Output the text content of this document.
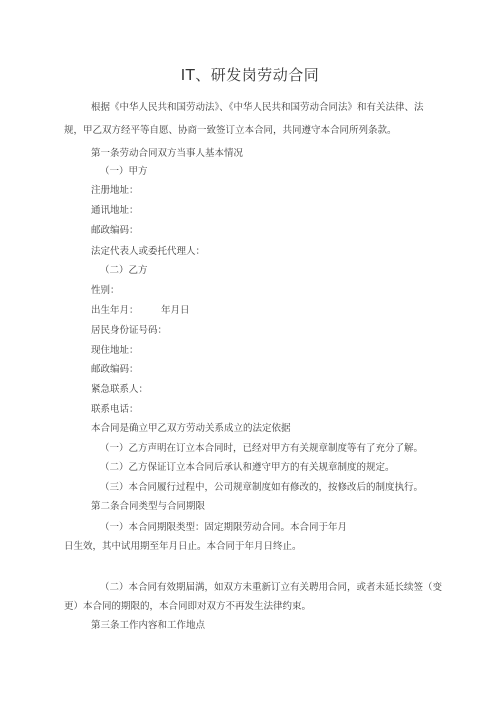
IT、研发岗劳动合同
根据《中华人民共和国劳动法》、《中华人民共和国劳动合同法》和有关法律、法
规，甲乙双方经平等自愿、协商一致签订立本合同，共同遵守本合同所列条款。
第一条劳动合同双方当事人基本情况
（一）甲方
注册地址：
通讯地址：
邮政编码：
法定代表人或委托代理人：
（二）乙方
性别：
出生年月： 年月日
居民身份证号码：
现住地址：
邮政编码：
紧急联系人：
联系电话：
本合同是确立甲乙双方劳动关系成立的法定依据
（一）乙方声明在订立本合同时，已经对甲方有关规章制度等有了充分了解。
（二）乙方保证订立本合同后承认和遵守甲方的有关规章制度的规定。
（三）本合同履行过程中，公司规章制度如有修改的，按修改后的制度执行。
第二条合同类型与合同期限
（一）本合同期限类型：固定期限劳动合同。本合同于年月
日生效，其中试用期至年月日止。本合同于年月日终止。
（二）本合同有效期届满，如双方未重新订立有关聘用合同，或者未延长续签（变
更）本合同的期限的，本合同即对双方不再发生法律约束。
第三条工作内容和工作地点
